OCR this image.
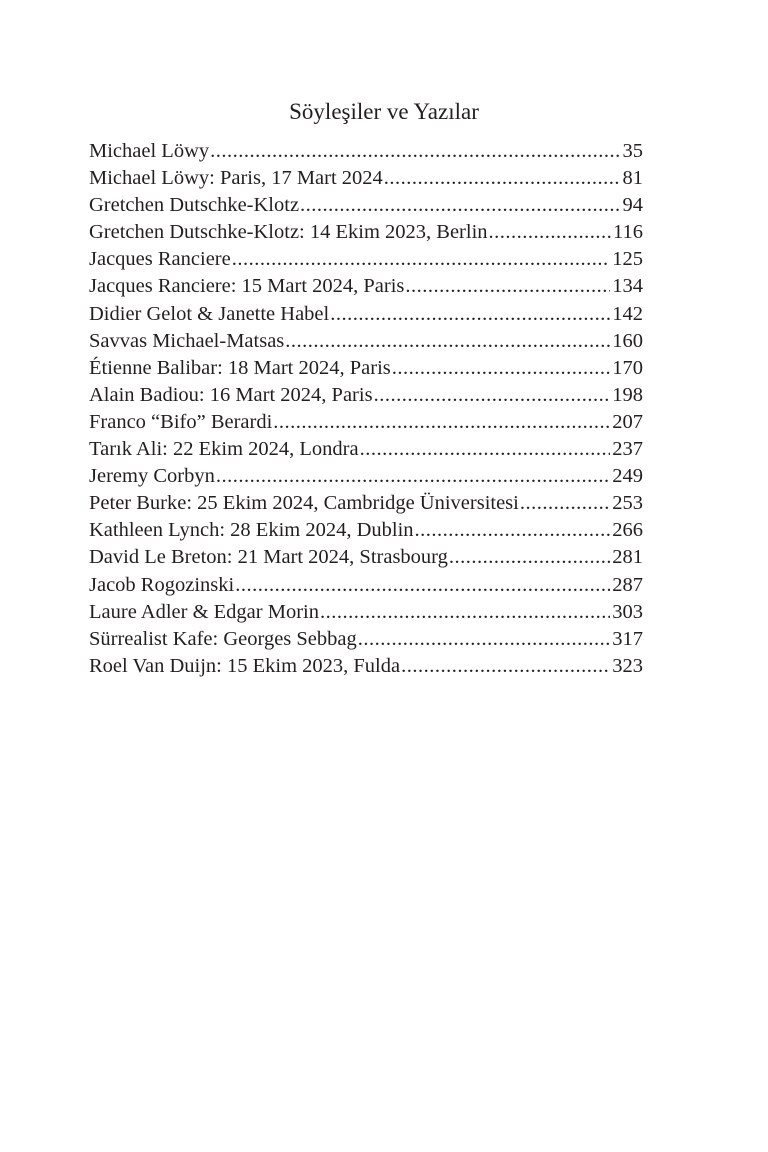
Söyleşiler ve Yazılar
Michael Löwy .....	35
Michael Löwy: Paris, 17 Mart 2024 .....	81
Gretchen Dutschke-Klotz .....	94
Gretchen Dutschke-Klotz: 14 Ekim 2023, Berlin .....	116
Jacques Ranciere .....	125
Jacques Ranciere: 15 Mart 2024, Paris .....	134
Didier Gelot & Janette Habel .....	142
Savvas Michael-Matsas .....	160
Étienne Balibar: 18 Mart 2024, Paris .....	170
Alain Badiou: 16 Mart 2024, Paris .....	198
Franco “Bifo” Berardi .....	207
Tarık Ali: 22 Ekim 2024, Londra .....	237
Jeremy Corbyn .....	249
Peter Burke: 25 Ekim 2024, Cambridge Üniversitesi .....	253
Kathleen Lynch: 28 Ekim 2024, Dublin .....	266
David Le Breton: 21 Mart 2024, Strasbourg .....	281
Jacob Rogozinski .....	287
Laure Adler & Edgar Morin .....	303
Sürrealist Kafe: Georges Sebbag .....	317
Roel Van Duijn: 15 Ekim 2023, Fulda .....	323
